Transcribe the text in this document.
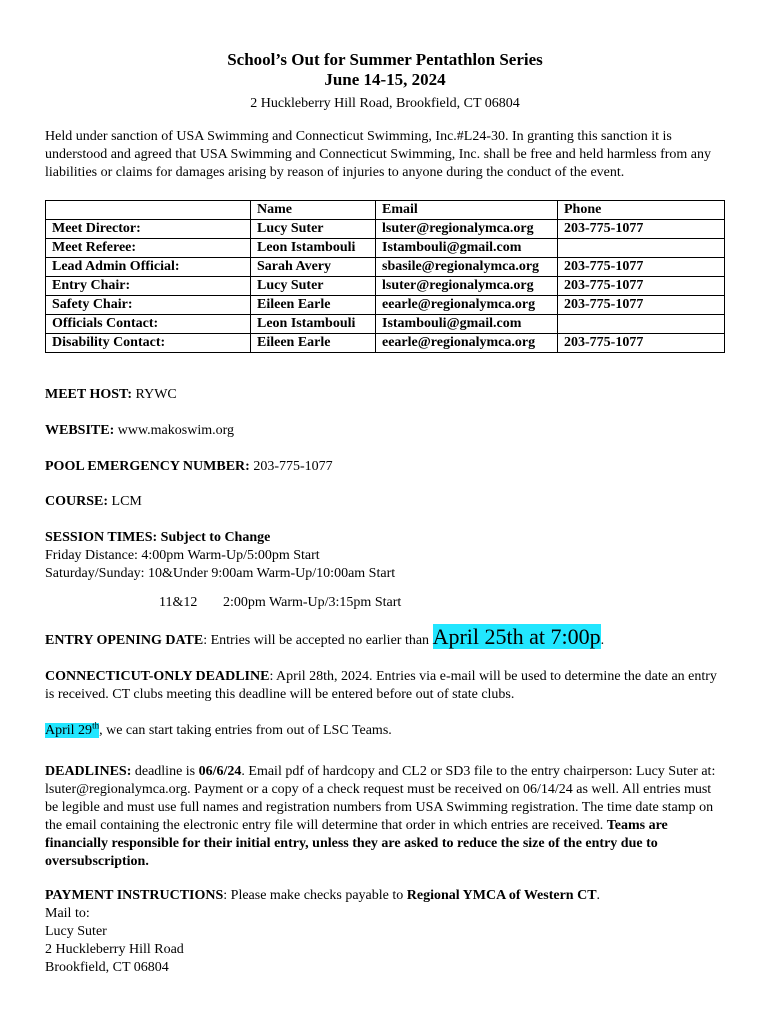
School’s Out for Summer Pentathlon Series
June 14-15, 2024
2 Huckleberry Hill Road, Brookfield, CT 06804
Held under sanction of USA Swimming and Connecticut Swimming, Inc.#L24-30. In granting this sanction it is understood and agreed that USA Swimming and Connecticut Swimming, Inc. shall be free and held harmless from any liabilities or claims for damages arising by reason of injuries to anyone during the conduct of the event.
	Name	Email	Phone
Meet Director:	Lucy Suter	lsuter@regionalymca.org	203-775-1077
Meet Referee:	Leon Istambouli	Istambouli@gmail.com	
Lead Admin Official:	Sarah Avery	sbasile@regionalymca.org	203-775-1077
Entry Chair:	Lucy Suter	lsuter@regionalymca.org	203-775-1077
Safety Chair:	Eileen Earle	eearle@regionalymca.org	203-775-1077
Officials Contact:	Leon Istambouli	Istambouli@gmail.com	
Disability Contact:	Eileen Earle	eearle@regionalymca.org	203-775-1077
MEET HOST: RYWC
WEBSITE: www.makoswim.org
POOL EMERGENCY NUMBER: 203-775-1077
COURSE: LCM
SESSION TIMES: Subject to Change
Friday Distance: 4:00pm Warm-Up/5:00pm Start
Saturday/Sunday: 10&Under 9:00am Warm-Up/10:00am Start
11&12 2:00pm Warm-Up/3:15pm Start
ENTRY OPENING DATE: Entries will be accepted no earlier than April 25th at 7:00p.
CONNECTICUT-ONLY DEADLINE: April 28th, 2024. Entries via e-mail will be used to determine the date an entry is received. CT clubs meeting this deadline will be entered before out of state clubs.
April 29th, we can start taking entries from out of LSC Teams.
DEADLINES: deadline is 06/6/24. Email pdf of hardcopy and CL2 or SD3 file to the entry chairperson: Lucy Suter at: lsuter@regionalymca.org. Payment or a copy of a check request must be received on 06/14/24 as well. All entries must be legible and must use full names and registration numbers from USA Swimming registration. The time date stamp on the email containing the electronic entry file will determine that order in which entries are received. Teams are financially responsible for their initial entry, unless they are asked to reduce the size of the entry due to oversubscription.
PAYMENT INSTRUCTIONS: Please make checks payable to Regional YMCA of Western CT.
Mail to:
Lucy Suter
2 Huckleberry Hill Road
Brookfield, CT 06804
